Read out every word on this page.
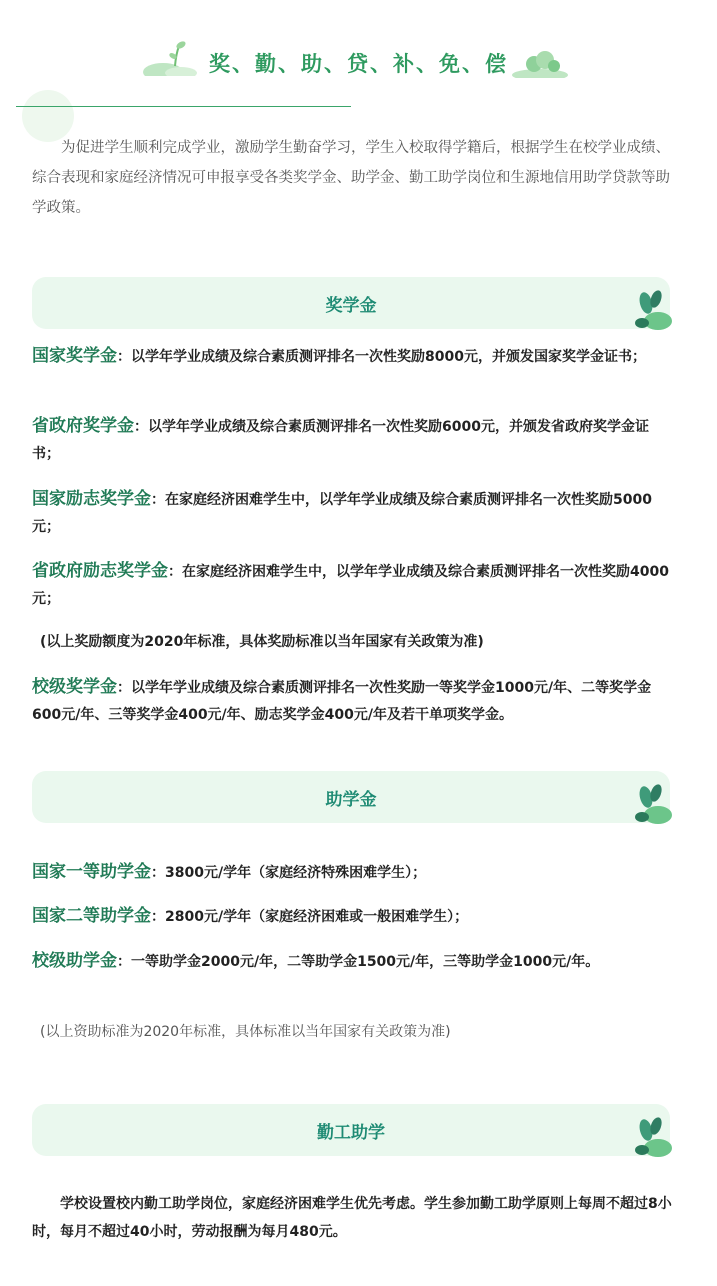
奖、勤、助、贷、补、免、偿
为促进学生顺利完成学业，激励学生勤奋学习，学生入校取得学籍后，根据学生在校学业成绩、综合表现和家庭经济情况可申报享受各类奖学金、助学金、勤工助学岗位和生源地信用助学贷款等助学政策。
奖学金
国家奖学金：以学年学业成绩及综合素质测评排名一次性奖励8000元，并颁发国家奖学金证书；
省政府奖学金：以学年学业成绩及综合素质测评排名一次性奖励6000元，并颁发省政府奖学金证书；
国家励志奖学金：在家庭经济困难学生中，以学年学业成绩及综合素质测评排名一次性奖励5000元；
省政府励志奖学金：在家庭经济困难学生中，以学年学业成绩及综合素质测评排名一次性奖励4000元；
(以上奖励额度为2020年标准，具体奖励标准以当年国家有关政策为准)
校级奖学金：以学年学业成绩及综合素质测评排名一次性奖励一等奖学金1000元/年、二等奖学金600元/年、三等奖学金400元/年、励志奖学金400元/年及若干单项奖学金。
助学金
国家一等助学金：3800元/学年（家庭经济特殊困难学生）；
国家二等助学金：2800元/学年（家庭经济困难或一般困难学生）；
校级助学金：一等助学金2000元/年，二等助学金1500元/年，三等助学金1000元/年。
(以上资助标准为2020年标准，具体标准以当年国家有关政策为准)
勤工助学
学校设置校内勤工助学岗位，家庭经济困难学生优先考虑。学生参加勤工助学原则上每周不超过8小时，每月不超过40小时，劳动报酬为每月480元。
